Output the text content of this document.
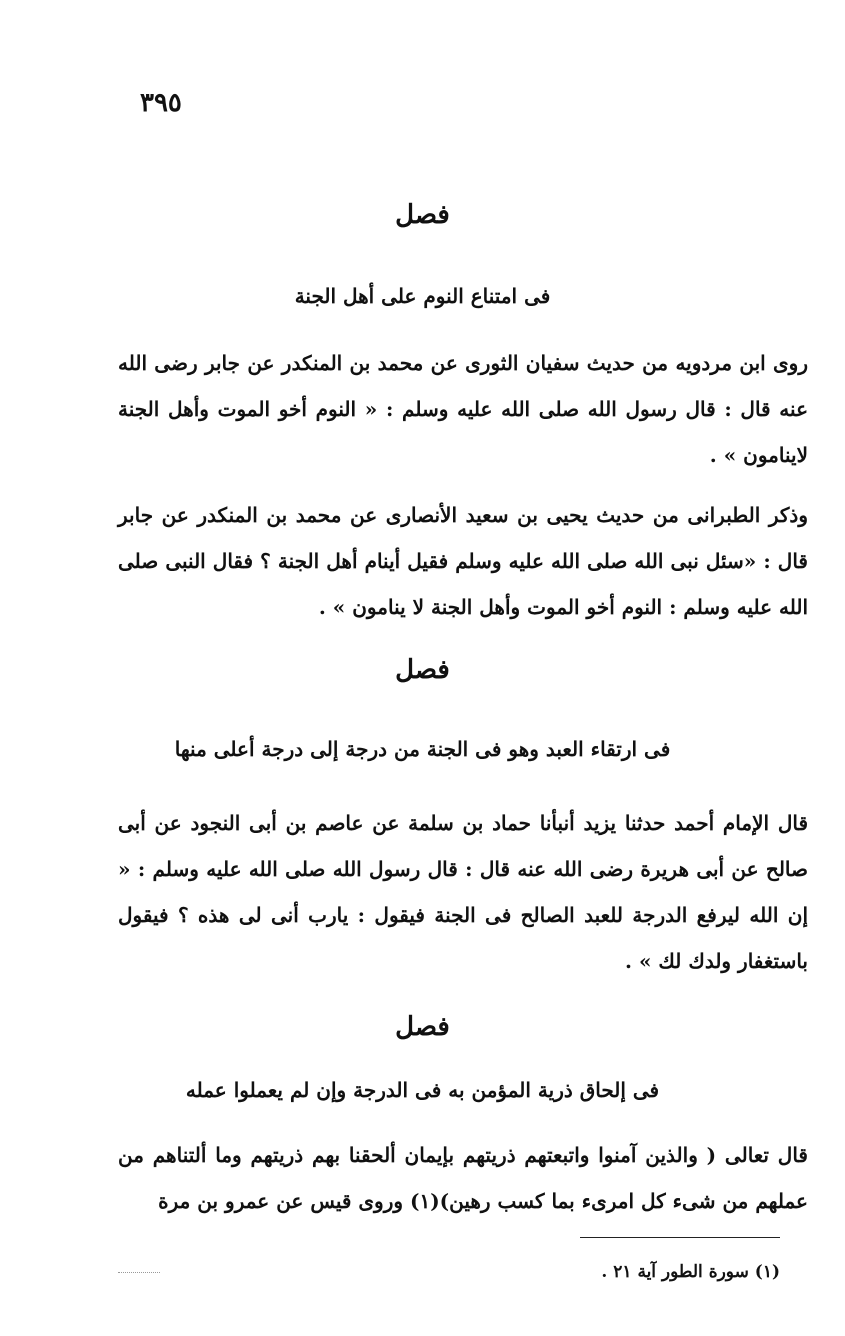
٣٩٥
فصل
فى امتناع النوم على أهل الجنة
روى ابن مردويه من حديث سفيان الثورى عن محمد بن المنكدر عن جابر رضى الله عنه قال : قال رسول الله صلى الله عليه وسلم : « النوم أخو الموت وأهل الجنة لاينامون » .
وذكر الطبرانى من حديث يحيى بن سعيد الأنصارى عن محمد بن المنكدر عن جابر قال : «سئل نبى الله صلى الله عليه وسلم فقيل أينام أهل الجنة ؟ فقال النبى صلى الله عليه وسلم : النوم أخو الموت وأهل الجنة لا ينامون » .
فصل
فى ارتقاء العبد وهو فى الجنة من درجة إلى درجة أعلى منها
قال الإمام أحمد حدثنا يزيد أنبأنا حماد بن سلمة عن عاصم بن أبى النجود عن أبى صالح عن أبى هريرة رضى الله عنه قال : قال رسول الله صلى الله عليه وسلم : « إن الله ليرفع الدرجة للعبد الصالح فى الجنة فيقول : يارب أنى لى هذه ؟ فيقول باستغفار ولدك لك » .
فصل
فى إلحاق ذرية المؤمن به فى الدرجة وإن لم يعملوا عمله
قال تعالى ( والذين آمنوا واتبعتهم ذريتهم بإيمان ألحقنا بهم ذريتهم وما ألتناهم من عملهم من شىء كل امرىء بما كسب رهين)(١) وروى قيس عن عمرو بن مرة
(١) سورة الطور آية ٢١ .
